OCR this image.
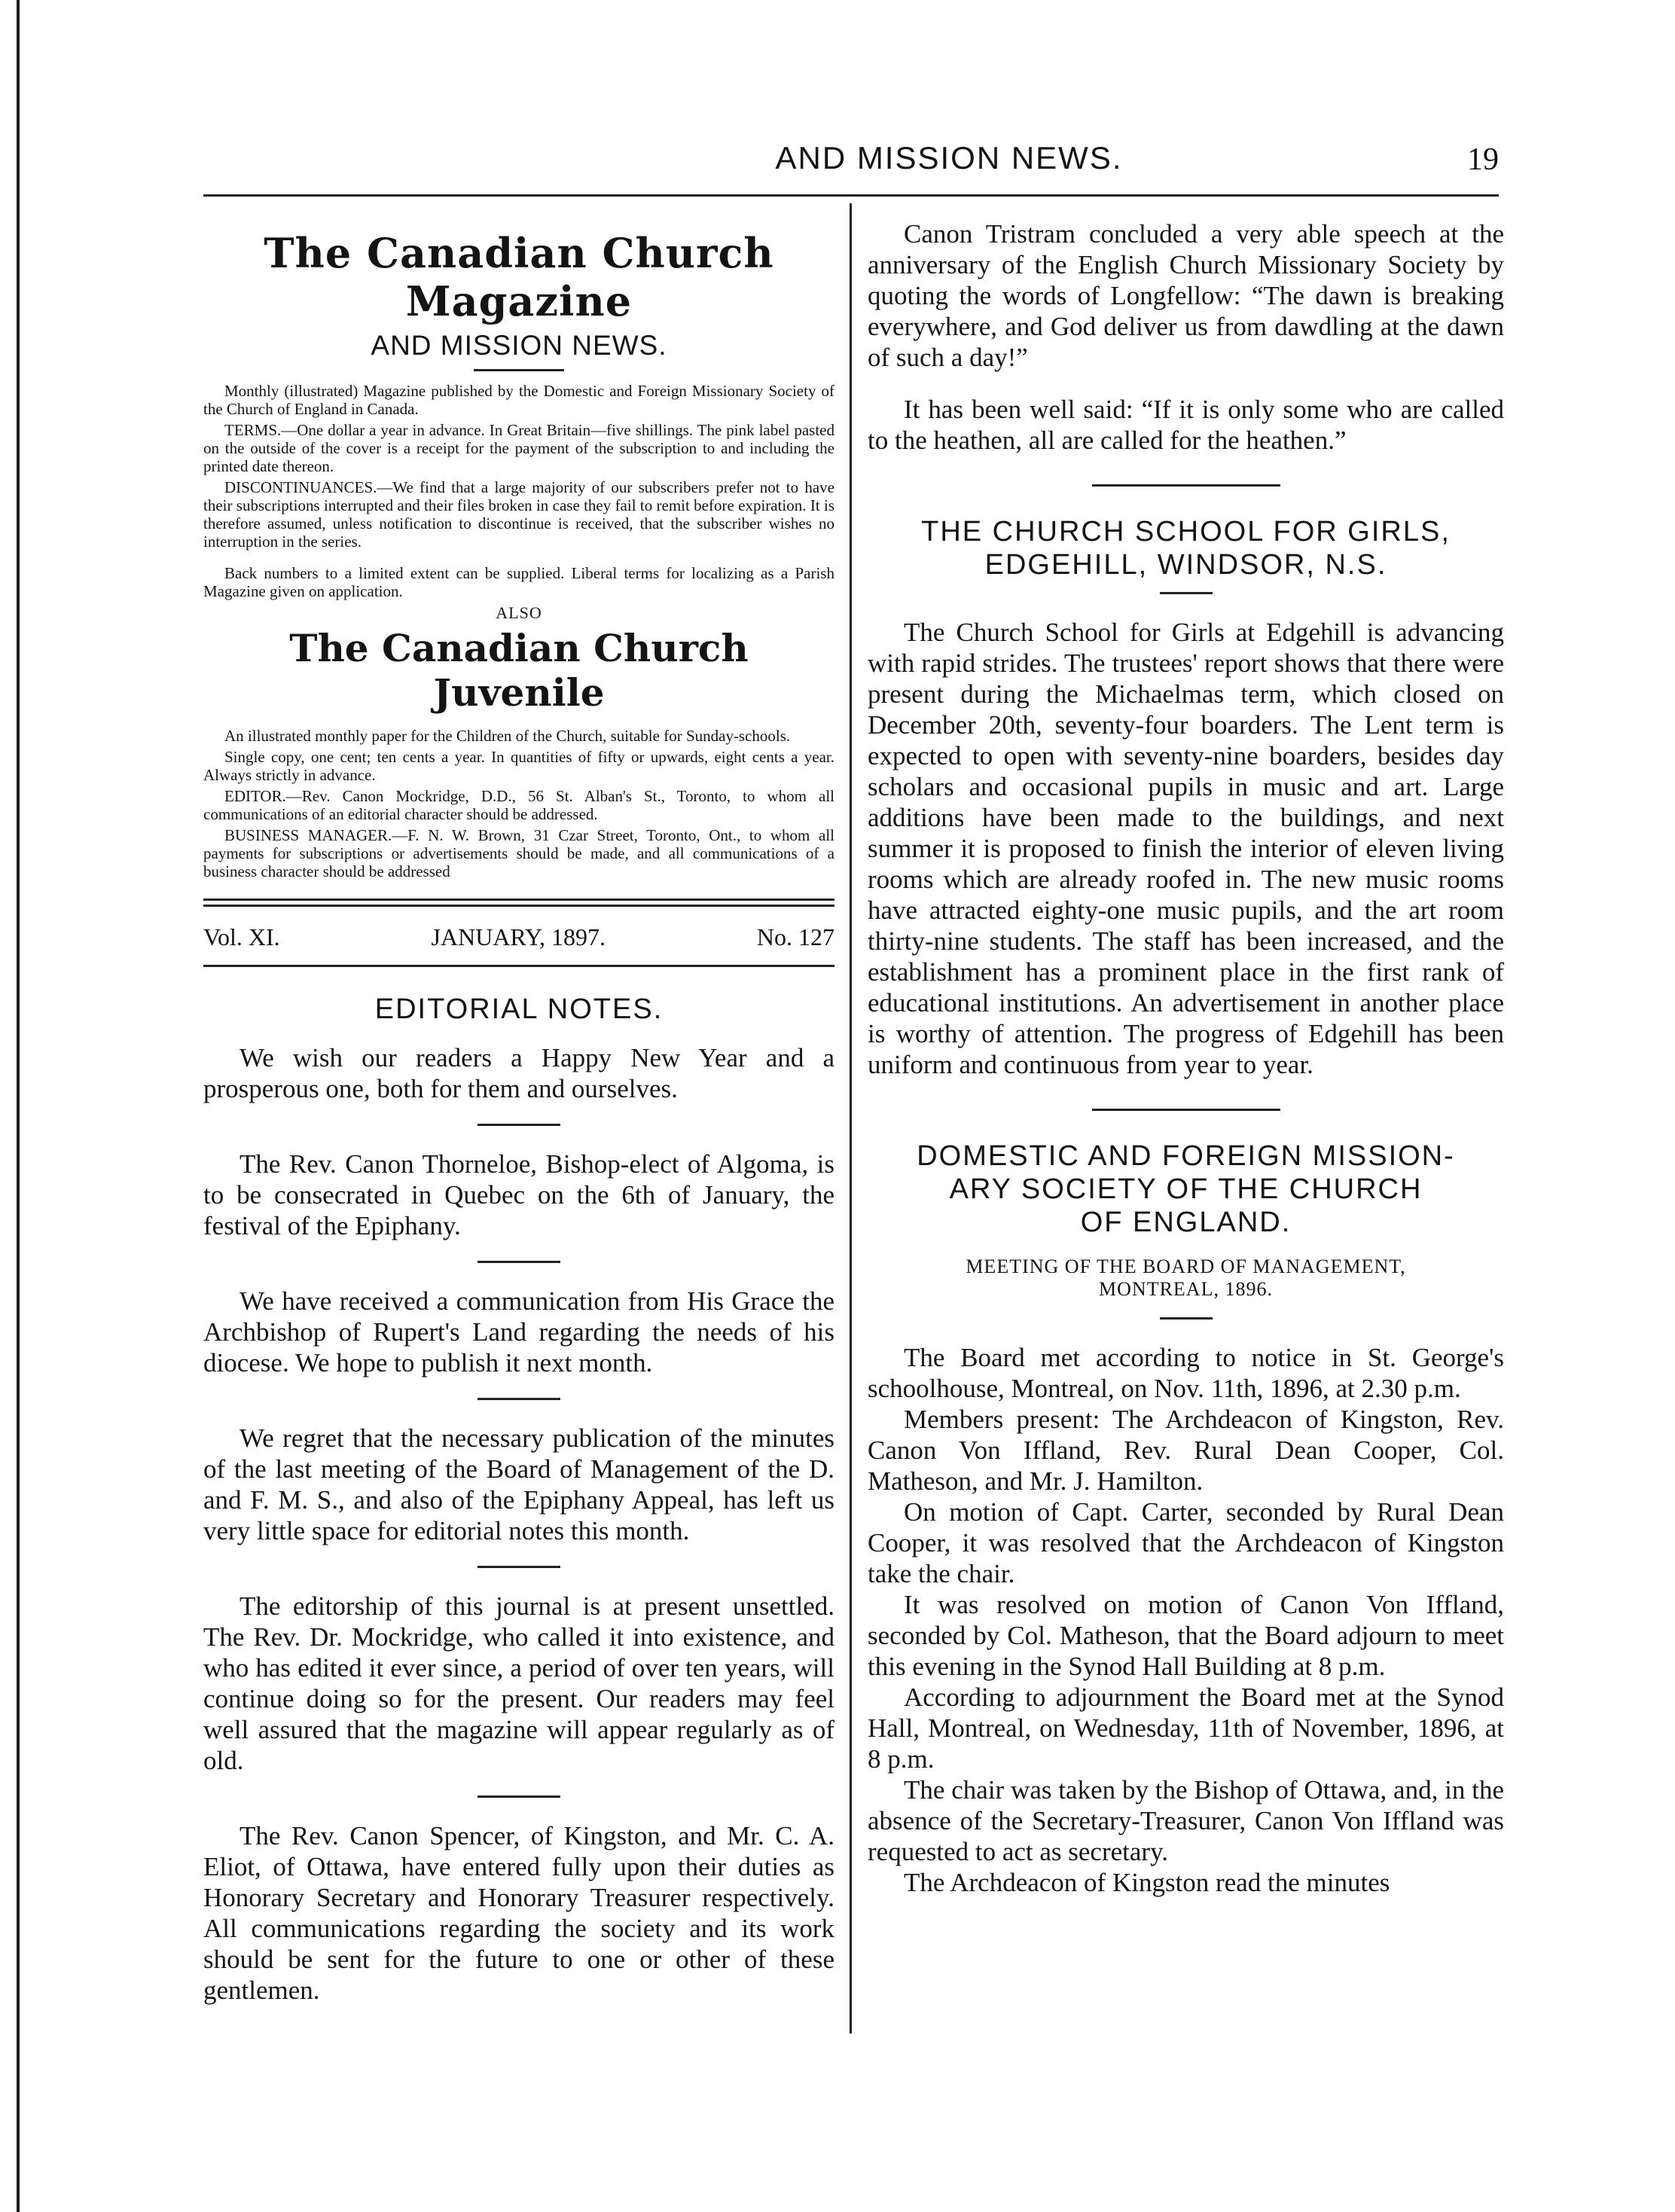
AND MISSION NEWS.	19
The Canadian Church Magazine
AND MISSION NEWS.

Monthly (illustrated) Magazine published by the Domestic and Foreign Missionary Society of the Church of England in Canada.

TERMS.—One dollar a year in advance. In Great Britain—five shillings. The pink label pasted on the outside of the cover is a receipt for the payment of the subscription to and including the printed date thereon.

DISCONTINUANCES.—We find that a large majority of our subscribers prefer not to have their subscriptions interrupted and their files broken in case they fail to remit before expiration. It is therefore assumed, unless notification to discontinue is received, that the subscriber wishes no interruption in the series.

Back numbers to a limited extent can be supplied. Liberal terms for localizing as a Parish Magazine given on application.

ALSO
The Canadian Church Juvenile

An illustrated monthly paper for the Children of the Church, suitable for Sunday-schools.

Single copy, one cent; ten cents a year. In quantities of fifty or upwards, eight cents a year. Always strictly in advance.

EDITOR.—Rev. Canon Mockridge, D.D., 56 St. Alban's St., Toronto, to whom all communications of an editorial character should be addressed.

BUSINESS MANAGER.—F. N. W. Brown, 31 Czar Street, Toronto, Ont., to whom all payments for subscriptions or advertisements should be made, and all communications of a business character should be addressed

Vol. XI.	JANUARY, 1897.	No. 127
EDITORIAL NOTES.

We wish our readers a Happy New Year and a prosperous one, both for them and ourselves.

The Rev. Canon Thorneloe, Bishop-elect of Algoma, is to be consecrated in Quebec on the 6th of January, the festival of the Epiphany.

We have received a communication from His Grace the Archbishop of Rupert's Land regarding the needs of his diocese. We hope to publish it next month.

We regret that the necessary publication of the minutes of the last meeting of the Board of Management of the D. and F. M. S., and also of the Epiphany Appeal, has left us very little space for editorial notes this month.

The editorship of this journal is at present unsettled. The Rev. Dr. Mockridge, who called it into existence, and who has edited it ever since, a period of over ten years, will continue doing so for the present. Our readers may feel well assured that the magazine will appear regularly as of old.

The Rev. Canon Spencer, of Kingston, and Mr. C. A. Eliot, of Ottawa, have entered fully upon their duties as Honorary Secretary and Honorary Treasurer respectively. All communications regarding the society and its work should be sent for the future to one or other of these gentlemen.

Canon Tristram concluded a very able speech at the anniversary of the English Church Missionary Society by quoting the words of Longfellow: “The dawn is breaking everywhere, and God deliver us from dawdling at the dawn of such a day!”

It has been well said: “If it is only some who are called to the heathen, all are called for the heathen.”

THE CHURCH SCHOOL FOR GIRLS,
EDGEHILL, WINDSOR, N.S.

The Church School for Girls at Edgehill is advancing with rapid strides. The trustees' report shows that there were present during the Michaelmas term, which closed on December 20th, seventy-four boarders. The Lent term is expected to open with seventy-nine boarders, besides day scholars and occasional pupils in music and art. Large additions have been made to the buildings, and next summer it is proposed to finish the interior of eleven living rooms which are already roofed in. The new music rooms have attracted eighty-one music pupils, and the art room thirty-nine students. The staff has been increased, and the establishment has a prominent place in the first rank of educational institutions. An advertisement in another place is worthy of attention. The progress of Edgehill has been uniform and continuous from year to year.

DOMESTIC AND FOREIGN MISSION-
ARY SOCIETY OF THE CHURCH
OF ENGLAND.
MEETING OF THE BOARD OF MANAGEMENT,
MONTREAL, 1896.

The Board met according to notice in St. George's schoolhouse, Montreal, on Nov. 11th, 1896, at 2.30 p.m.

Members present: The Archdeacon of Kingston, Rev. Canon Von Iffland, Rev. Rural Dean Cooper, Col. Matheson, and Mr. J. Hamilton.

On motion of Capt. Carter, seconded by Rural Dean Cooper, it was resolved that the Archdeacon of Kingston take the chair.

It was resolved on motion of Canon Von Iffland, seconded by Col. Matheson, that the Board adjourn to meet this evening in the Synod Hall Building at 8 p.m.

According to adjournment the Board met at the Synod Hall, Montreal, on Wednesday, 11th of November, 1896, at 8 p.m.

The chair was taken by the Bishop of Ottawa, and, in the absence of the Secretary-Treasurer, Canon Von Iffland was requested to act as secretary.

The Archdeacon of Kingston read the minutes
